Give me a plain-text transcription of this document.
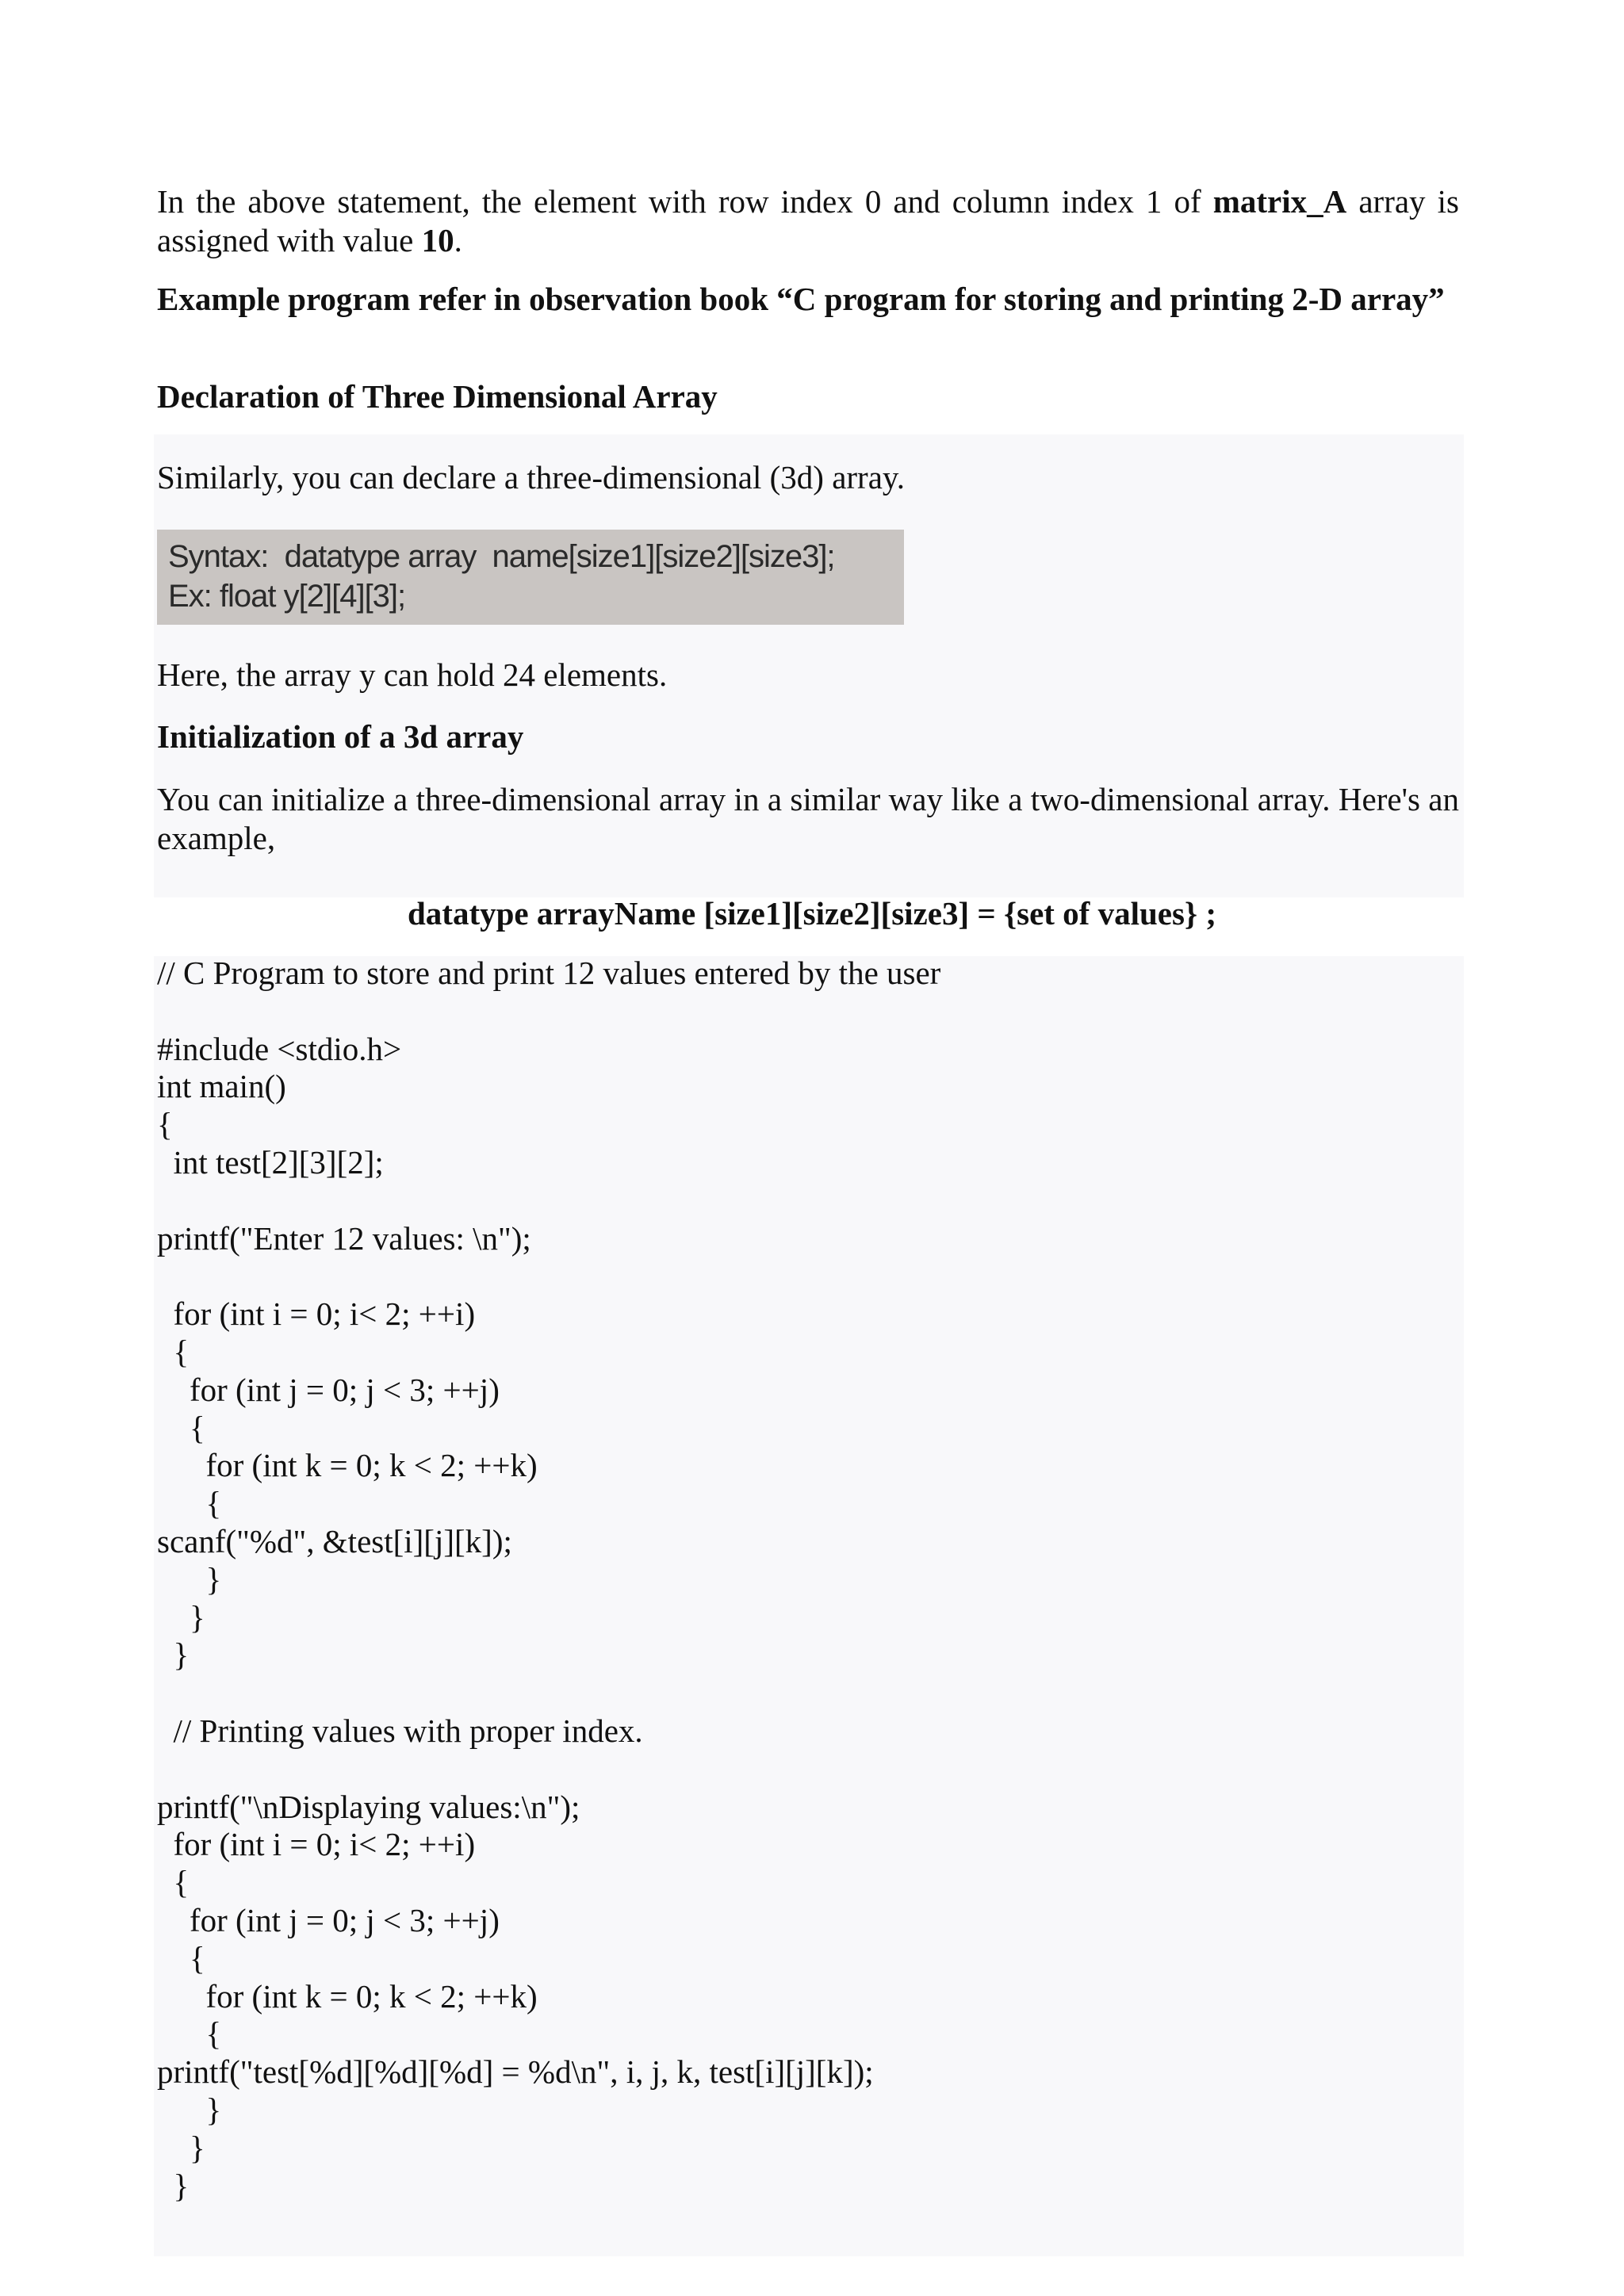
In the above statement, the element with row index 0 and column index 1 of matrix_A array is assigned with value 10.

Example program refer in observation book “C program for storing and printing 2-D array”

Declaration of Three Dimensional Array

Similarly, you can declare a three-dimensional (3d) array.

Syntax:  datatype array  name[size1][size2][size3];
Ex: float y[2][4][3];

Here, the array y can hold 24 elements.

Initialization of a 3d array

You can initialize a three-dimensional array in a similar way like a two-dimensional array. Here's an example,

datatype arrayName [size1][size2][size3] = {set of values} ;

// C Program to store and print 12 values entered by the user
#include <stdio.h>
int main()
{
int test[2][3][2];
printf("Enter 12 values: \n");
for (int i = 0; i< 2; ++i)
{
for (int j = 0; j < 3; ++j)
{
for (int k = 0; k < 2; ++k)
{
scanf("%d", &test[i][j][k]);
}
}
}
// Printing values with proper index.
printf("\nDisplaying values:\n");
for (int i = 0; i< 2; ++i)
{
for (int j = 0; j < 3; ++j)
{
for (int k = 0; k < 2; ++k)
{
printf("test[%d][%d][%d] = %d\n", i, j, k, test[i][j][k]);
}
}
}
